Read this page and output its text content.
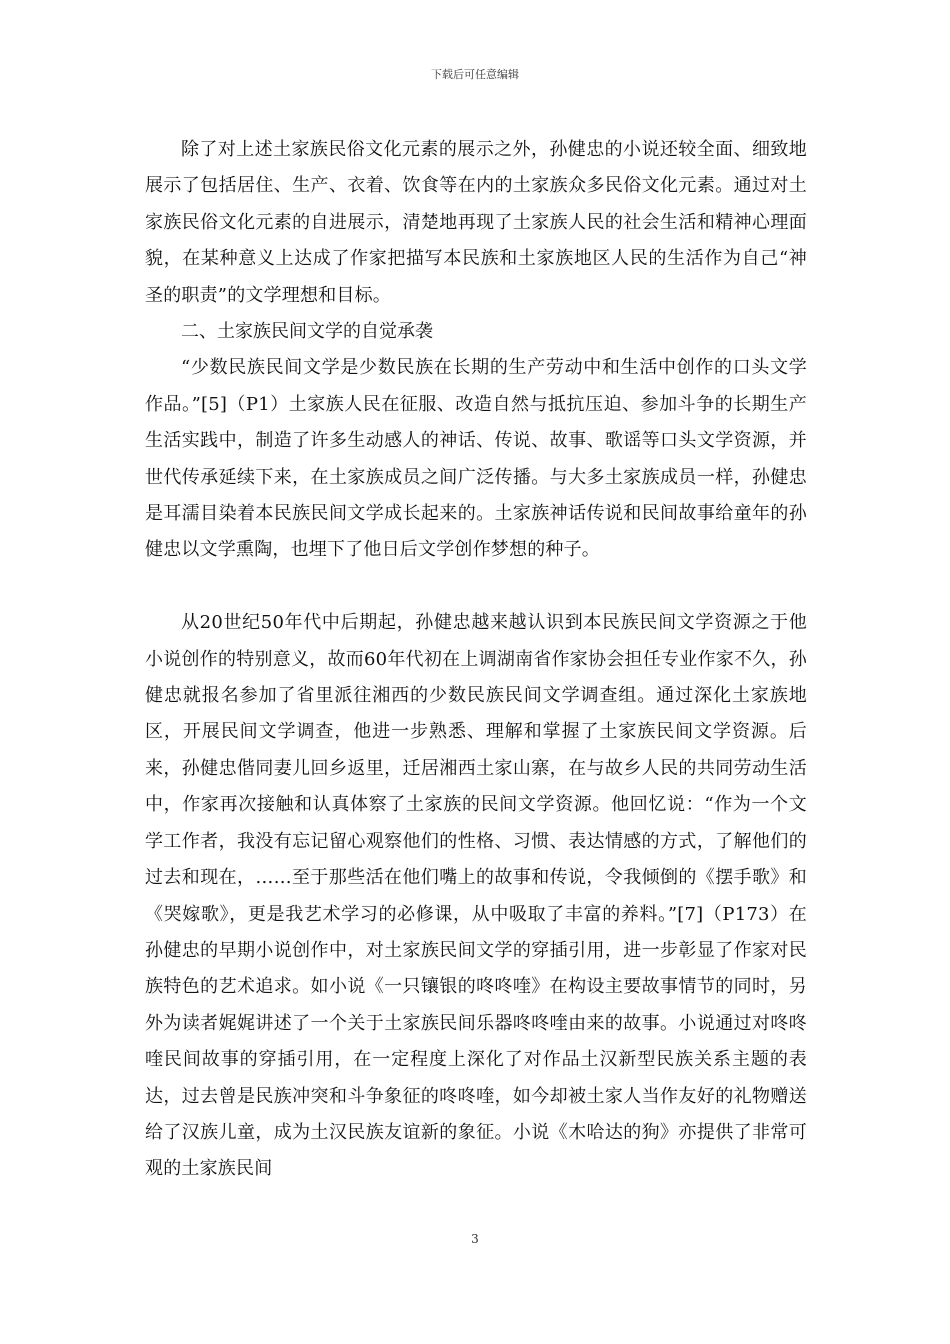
下载后可任意编辑

除了对上述土家族民俗文化元素的展示之外，孙健忠的小说还较全面、细致地展示了包括居住、生产、衣着、饮食等在内的土家族众多民俗文化元素。通过对土家族民俗文化元素的自进展示，清楚地再现了土家族人民的社会生活和精神心理面貌，在某种意义上达成了作家把描写本民族和土家族地区人民的生活作为自己“神圣的职责”的文学理想和目标。

二、土家族民间文学的自觉承袭

“少数民族民间文学是少数民族在长期的生产劳动中和生活中创作的口头文学作品。”[5]（P1）土家族人民在征服、改造自然与抵抗压迫、参加斗争的长期生产生活实践中，制造了许多生动感人的神话、传说、故事、歌谣等口头文学资源，并世代传承延续下来，在土家族成员之间广泛传播。与大多土家族成员一样，孙健忠是耳濡目染着本民族民间文学成长起来的。土家族神话传说和民间故事给童年的孙健忠以文学熏陶，也埋下了他日后文学创作梦想的种子。

从20世纪50年代中后期起，孙健忠越来越认识到本民族民间文学资源之于他小说创作的特别意义，故而60年代初在上调湖南省作家协会担任专业作家不久，孙健忠就报名参加了省里派往湘西的少数民族民间文学调查组。通过深化土家族地区，开展民间文学调查，他进一步熟悉、理解和掌握了土家族民间文学资源。后来，孙健忠偕同妻儿回乡返里，迁居湘西土家山寨，在与故乡人民的共同劳动生活中，作家再次接触和认真体察了土家族的民间文学资源。他回忆说：“作为一个文学工作者，我没有忘记留心观察他们的性格、习惯、表达情感的方式，了解他们的过去和现在，……至于那些活在他们嘴上的故事和传说，令我倾倒的《摆手歌》和《哭嫁歌》，更是我艺术学习的必修课，从中吸取了丰富的养料。”[7]（P173）在孙健忠的早期小说创作中，对土家族民间文学的穿插引用，进一步彰显了作家对民族特色的艺术追求。如小说《一只镶银的咚咚喹》在构设主要故事情节的同时，另外为读者娓娓讲述了一个关于土家族民间乐器咚咚喹由来的故事。小说通过对咚咚喹民间故事的穿插引用，在一定程度上深化了对作品土汉新型民族关系主题的表达，过去曾是民族冲突和斗争象征的咚咚喹，如今却被土家人当作友好的礼物赠送给了汉族儿童，成为土汉民族友谊新的象征。小说《木哈达的狗》亦提供了非常可观的土家族民间

3
